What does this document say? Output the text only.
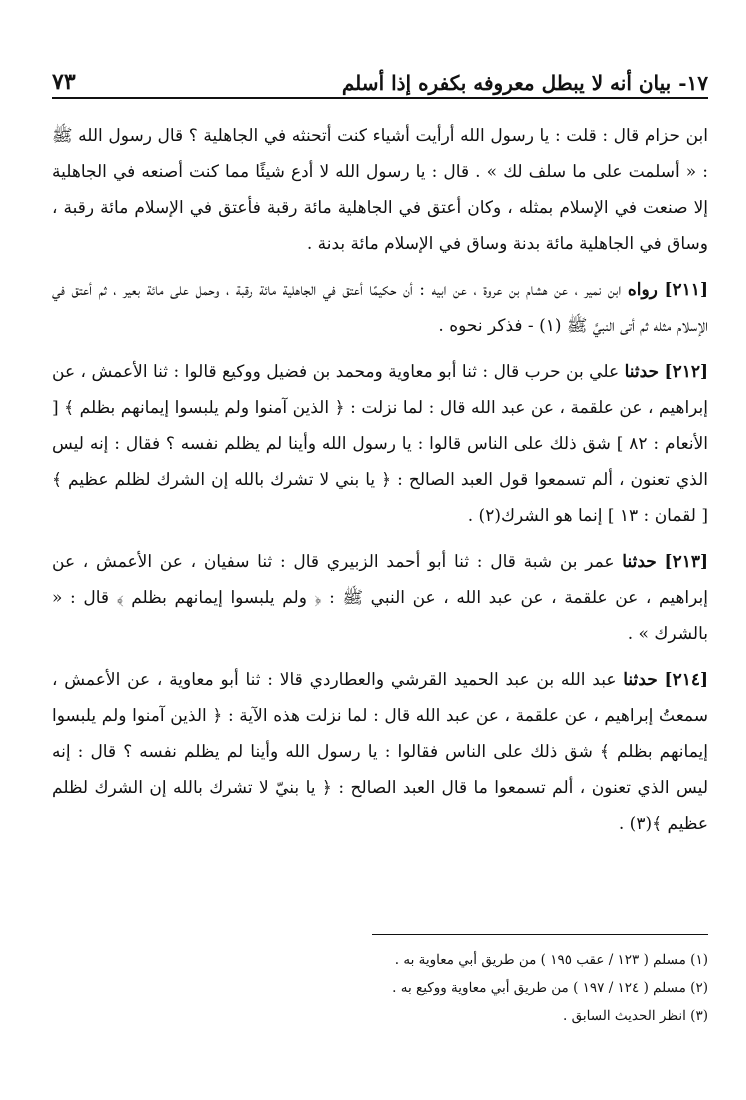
١٧- بيان أنه لا يبطل معروفه بكفره إذا أسلم
٧٣

ابن حزام قال : قلت : يا رسول الله أرأيت أشياء كنت أتحنثه في الجاهلية ؟ قال رسول الله ﷺ : « أسلمت على ما سلف لك » . قال : يا رسول الله لا أدع شيئًا مما كنت أصنعه في الجاهلية إلا صنعت في الإسلام بمثله ، وكان أعتق في الجاهلية مائة رقبة فأعتق في الإسلام مائة رقبة ، وساق في الجاهلية مائة بدنة وساق في الإسلام مائة بدنة .

[٢١١] رواه ابن نمير ، عن هشام بن عروة ، عن ابيه : أن حكيمًا أعتق في الجاهلية مائة رقبة ، وحمل على مائة بعير ، ثم أعتق في الإسلام مثله ثم أتى النبيَّ ﷺ (١) - فذكر نحوه .

[٢١٢] حدثنا علي بن حرب قال : ثنا أبو معاوية ومحمد بن فضيل ووكيع قالوا : ثنا الأعمش ، عن إبراهيم ، عن علقمة ، عن عبد الله قال : لما نزلت : ﴿ الذين آمنوا ولم يلبسوا إيمانهم بظلم ﴾ [ الأنعام : ٨٢ ] شق ذلك على الناس قالوا : يا رسول الله وأينا لم يظلم نفسه ؟ فقال : إنه ليس الذي تعنون ، ألم تسمعوا قول العبد الصالح : ﴿ يا بني لا تشرك بالله إن الشرك لظلم عظيم ﴾ [ لقمان : ١٣ ] إنما هو الشرك(٢) .

[٢١٣] حدثنا عمر بن شبة قال : ثنا أبو أحمد الزبيري قال : ثنا سفيان ، عن الأعمش ، عن إبراهيم ، عن علقمة ، عن عبد الله ، عن النبي ﷺ : ﴿ ولم يلبسوا إيمانهم بظلم ﴾ قال : « بالشرك » .

[٢١٤] حدثنا عبد الله بن عبد الحميد القرشي والعطاردي قالا : ثنا أبو معاوية ، عن الأعمش ، سمعتُ إبراهيم ، عن علقمة ، عن عبد الله قال : لما نزلت هذه الآية : ﴿ الذين آمنوا ولم يلبسوا إيمانهم بظلم ﴾ شق ذلك على الناس فقالوا : يا رسول الله وأينا لم يظلم نفسه ؟ قال : إنه ليس الذي تعنون ، ألم تسمعوا ما قال العبد الصالح : ﴿ يا بنيّ لا تشرك بالله إن الشرك لظلم عظيم ﴾(٣) .

(١) مسلم ( ١٢٣ / عقب ١٩٥ ) من طريق أبي معاوية به .
(٢) مسلم ( ١٢٤ / ١٩٧ ) من طريق أبي معاوية ووكيع به .
(٣) انظر الحديث السابق .
